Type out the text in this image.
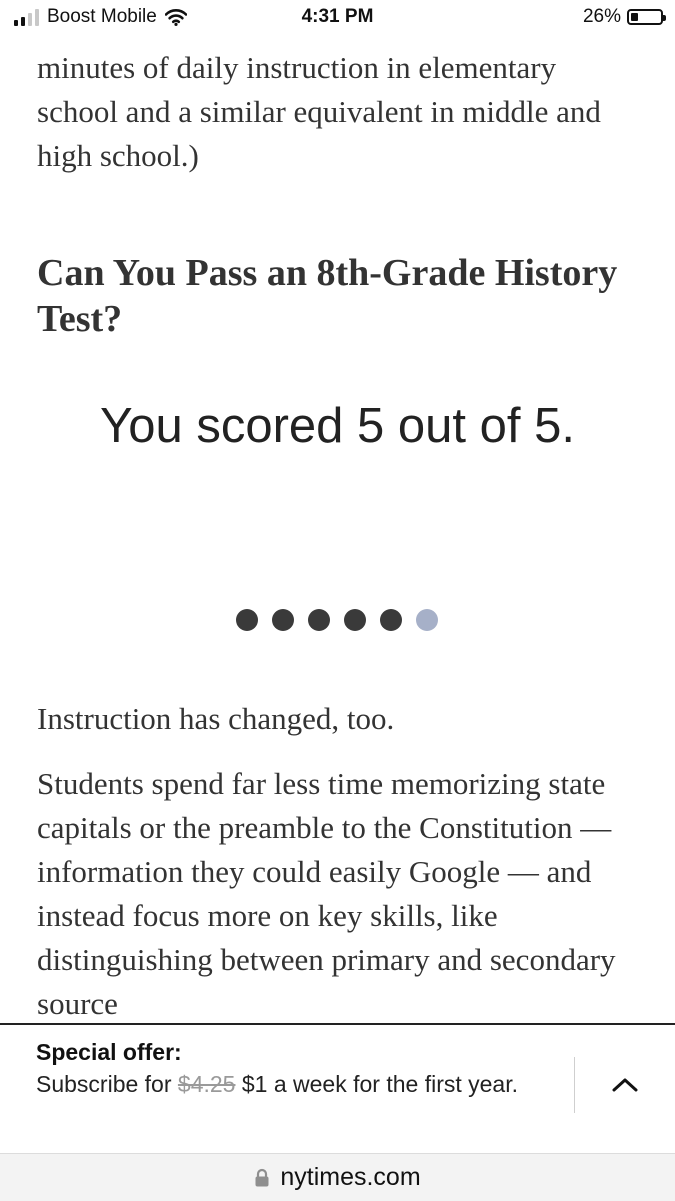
Boost Mobile	4:31 PM	26%

minutes of daily instruction in elementary school and a similar equivalent in middle and high school.)

Can You Pass an 8th-Grade History Test?
You scored 5 out of 5.

Instruction has changed, too.

Students spend far less time memorizing state capitals or the preamble to the Constitution — information they could easily Google — and instead focus more on key skills, like distinguishing between primary and secondary source

Special offer:
Subscribe for $4.25 $1 a week for the first year.
nytimes.com
